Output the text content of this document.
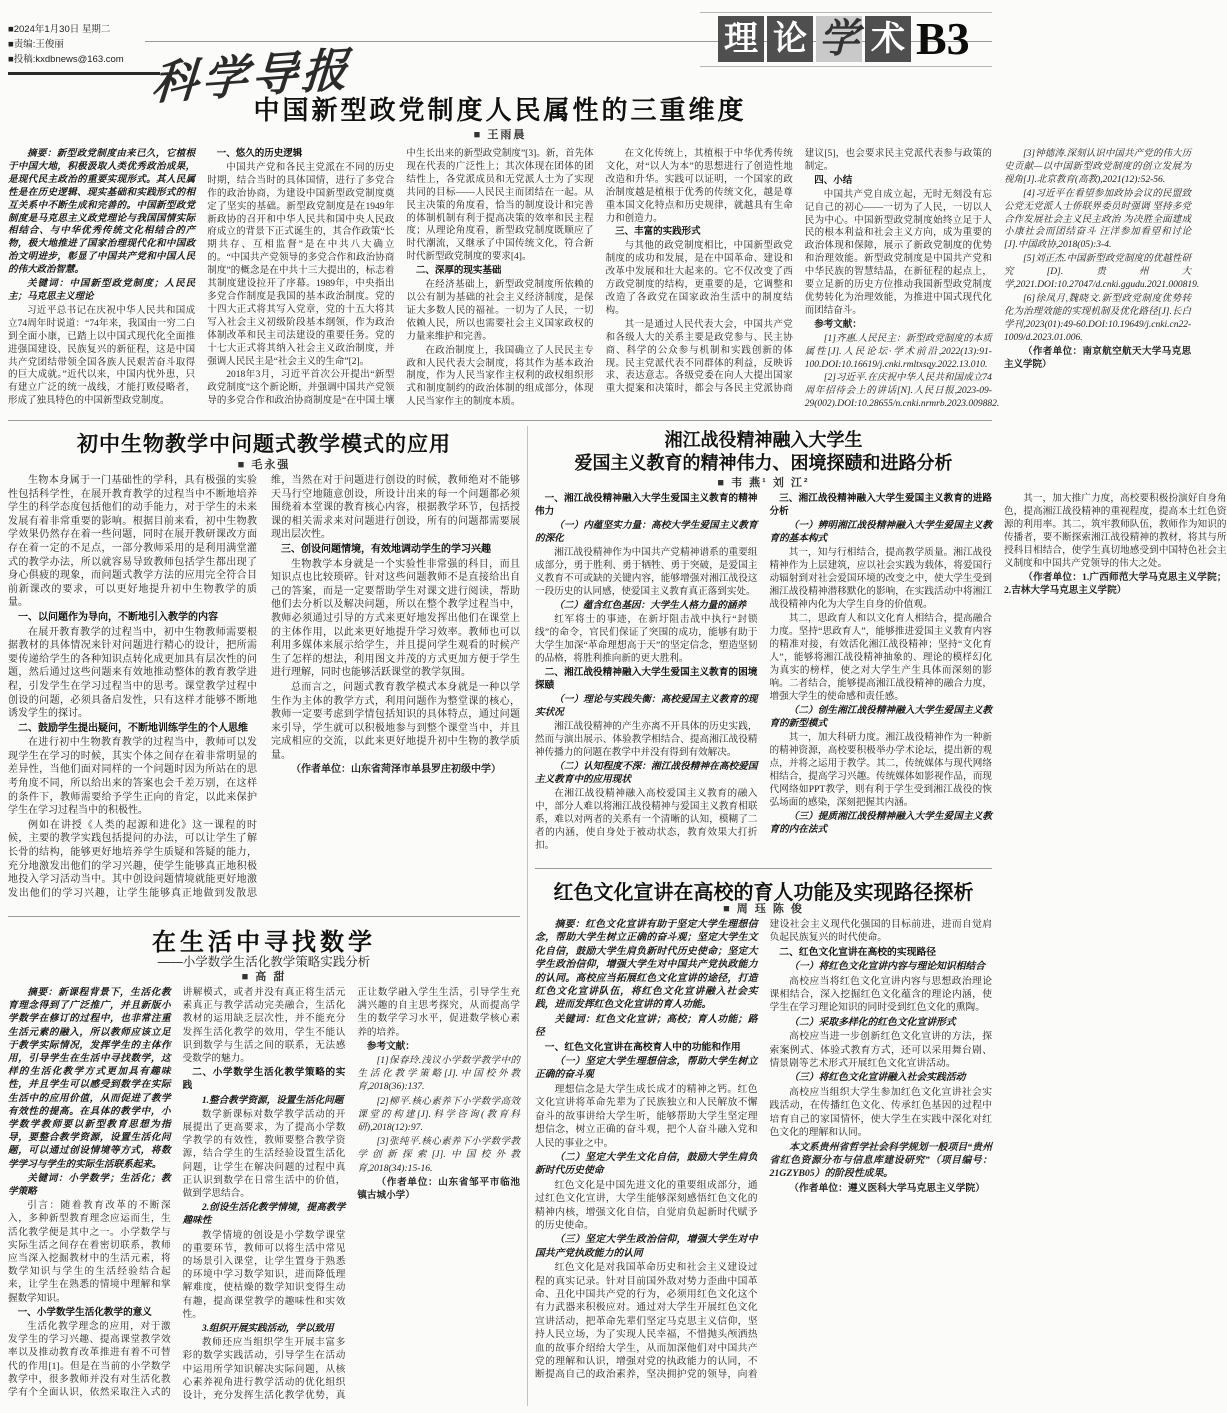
■2024年1月30日 星期二
■责编:王俊丽
■投稿:kxdbnews@163.com 科学导报
理 论 学 术 B3
中国新型政党制度人民属性的三重维度
■ 王雨晨

摘要：新型政党制度由来已久，它植根于中国大地，积极汲取人类优秀政治成果，是现代民主政治的重要实现形式。其人民属性是在历史逻辑、现实基础和实践形式的相互关系中不断生成和完善的。中国新型政党制度是马克思主义政党理论与我国国情实际相结合、与中华优秀传统文化相结合的产物，极大地推进了国家治理现代化和中国政治文明进步，彰显了中国共产党和中国人民的伟大政治智慧。

关键词：中国新型政党制度；人民民主；马克思主义理论

习近平总书记在庆祝中华人民共和国成立74周年时说道：“74年来，我国由一穷二白到全面小康，已踏上以中国式现代化全面推进强国建设、民族复兴的新征程，这是中国共产党团结带领全国各族人民艰苦奋斗取得的巨大成就。”近代以来，中国内忧外患，只有建立广泛的统一战线，才能打败侵略者，形成了独具特色的中国新型政党制度。

一、悠久的历史逻辑

中国共产党和各民主党派在不同的历史时期，结合当时的具体国情，进行了多党合作的政治协商，为建设中国新型政党制度奠定了坚实的基础。新型政党制度是在1949年新政协的召开和中华人民共和国中央人民政府成立的背景下正式诞生的，其合作政策“长期共存、互相监督”是在中共八大确立的。“中国共产党领导的多党合作和政治协商制度”的概念是在中共十三大提出的，标志着其制度建设拉开了序幕。1989年，中央指出多党合作制度是我国的基本政治制度。党的十四大正式将其写入党章，党的十五大将其写入社会主义初级阶段基本纲领，作为政治体制改革和民主司法建设的重要任务。党的十七大正式将其纳入社会主义政治制度，并强调人民民主是“社会主义的生命”[2]。

2018年3月，习近平首次公开提出“新型政党制度”这个新论断，并强调中国共产党领导的多党合作和政治协商制度是“在中国土壤中生长出来的新型政党制度”[3]。新，首先体现在代表的广泛性上；其次体现在团体的团结性上，各党派成员和无党派人士为了实现共同的目标——人民民主而团结在一起。从民主决策的角度看，恰当的制度设计和完善的体制机制有利于提高决策的效率和民主程度；从理论角度看，新型政党制度既顺应了时代潮流，又继承了中国传统文化，符合新时代新型政党制度的要求[4]。

二、深厚的现实基础

在经济基础上，新型政党制度所依赖的以公有制为基础的社会主义经济制度，是保证大多数人民的福祉。一切为了人民，一切依赖人民，所以也需要社会主义国家政权的力量来维护和完善。

在政治制度上，我国确立了人民民主专政和人民代表大会制度，将其作为基本政治制度，作为人民当家作主权利的政权组织形式和制度制约的政治体制的组成部分，体现人民当家作主的制度本质。

在文化传统上，其植根于中华优秀传统文化，对“以人为本”的思想进行了创造性地改造和升华。实践可以证明，一个国家的政治制度越是植根于优秀的传统文化，越是尊重本国文化特点和历史规律，就越具有生命力和创造力。

三、丰富的实践形式

与其他的政党制度相比，中国新型政党制度的成功和发展，是在中国革命、建设和改革中发展和壮大起来的。它不仅改变了西方政党制度的结构，更重要的是，它调整和改造了各政党在国家政治生活中的制度结构。

其一是通过人民代表大会，中国共产党和各级人大的关系主要是政党参与、民主协商、科学的公众参与机制和实践创新的体现。民主党派代表不同群体的利益，反映诉求、表达意志。各级党委在向人大提出国家重大提案和决策时，都会与各民主党派协商建议[5]，也会要求民主党派代表参与政策的制定。

四、小结

中国共产党自成立起，无时无刻没有忘记自己的初心——一切为了人民，一切以人民为中心。中国新型政党制度始终立足于人民的根本利益和社会主义方向，成为重要的政治体现和保障，展示了新政党制度的优势和治理效能。新型政党制度是中国共产党和中华民族的智慧结晶，在新征程的起点上，要立足新的历史方位推动我国新型政党制度优势转化为治理效能，为推进中国式现代化而团结奋斗。

参考文献：

[1]齐惠.人民民主：新型政党制度的本质属性[J].人民论坛·学术前沿,2022(13):91-100.DOI:10.16619/j.cnki.rmltxsqy.2022.13.010.

[2]习近平.在庆祝中华人民共和国成立74周年招待会上的讲话[N].人民日报,2023-09-29(002).DOI:10.28655/n.cnki.nrmrb.2023.009882.

[3]钟德涛.深刻认识中国共产党的伟大历史贡献—以中国新型政党制度的创立发展为视角[J].北京教育(高教),2021(12):52-56.

[4]习近平在看望参加政协会议的民盟致公党无党派人士侨联界委员时强调 坚持多党合作发展社会主义民主政治 为决胜全面建成小康社会而团结奋斗 汪洋参加看望和讨论[J].中国政协,2018(05):3-4.

[5]刘正杰.中国新型政党制度的优越性研究[D].贵州大学,2021.DOI:10.27047/d.cnki.ggudu.2021.000819.

[6]徐凤月,魏晓文.新型政党制度优势转化为治理效能的实现机制及优化路径[J].长白学刊,2023(01):49-60.DOI:10.19649/j.cnki.cn22-1009/d.2023.01.006.

（作者单位：南京航空航天大学马克思主义学院）

初中生物教学中问题式教学模式的应用
■ 毛永强

生物本身属于一门基础性的学科，具有极强的实验性包括科学性，在展开教育教学的过程当中不断地培养学生的科学态度包括他们的动手能力，对于学生的未来发展有着非常重要的影响。根据目前来看，初中生物教学效果仍然存在着一些问题，同时在展开教研课改方面存在着一定的不足点，一部分教师采用的是利用满堂灌式的教学办法，所以就容易导致教师包括学生都出现了身心俱疲的现象，而问题式教学方法的应用完全符合目前新课改的要求，可以更好地提升初中生物教学的质量。

一、以问题作为导向，不断地引入教学的内容

在展开教育教学的过程当中，初中生物教师需要根据教材的具体情况来针对问题进行精心的设计，把所需要传递给学生的各种知识点转化成更加具有层次性的问题，然后通过这些问题来有效地推动整体的教育教学进程，引发学生在学习过程当中的思考。课堂教学过程中创设的问题，必须具备启发性，只有这样才能够不断地诱发学生的探讨。

二、鼓励学生提出疑问，不断地训练学生的个人思维

在进行初中生物教育教学的过程当中，教师可以发现学生在学习的时候，其实个体之间存在着非常明显的差异性，当他们面对同样的一个问题时因为所站在的思考角度不同，所以给出来的答案也会千差万别，在这样的条件下，教师需要给予学生正向的肯定，以此来保护学生在学习过程当中的积极性。

例如在讲授《人类的起源和进化》这一课程的时候，主要的教学实践包括提问的办法，可以让学生了解长骨的结构，能够更好地培养学生质疑和答疑的能力，充分地激发出他们的学习兴趣，使学生能够真正地积极地投入学习活动当中。其中创设问题情境就能更好地激发出他们的学习兴趣，让学生能够真正地做到发散思维，当然在对于问题进行创设的时候，教师绝对不能够天马行空地随意创设，所设计出来的每一个问题都必须围绕着本堂课的教育核心内容，根据教学环节，包括授课的相关需求来对问题进行创设，所有的问题都需要展现出层次性。

三、创设问题情境，有效地调动学生的学习兴趣

生物教学本身就是一个实验性非常强的科目，而且知识点也比较琐碎。针对这些问题教师不是直接给出自己的答案，而是一定要帮助学生对课文进行阅读，帮助他们去分析以及解决问题，所以在整个教学过程当中，教师必须通过引导的方式来更好地发挥出他们在课堂上的主体作用，以此来更好地提升学习效率。教师也可以利用多媒体来展示给学生，并且提问学生观看的时候产生了怎样的想法，利用图文并茂的方式更加方便于学生进行理解，同时也能够活跃课堂的教学氛围。

总而言之，问题式教育教学模式本身就是一种以学生作为主体的教学方式，利用问题作为整堂课的核心，教师一定要考虑到学情包括知识的具体特点，通过问题来引导，学生就可以积极地参与到整个课堂当中，并且完成相应的交流，以此来更好地提升初中生物的教学质量。

（作者单位：山东省菏泽市单县罗庄初级中学）

湘江战役精神融入大学生
爱国主义教育的精神伟力、困境探赜和进路分析
■ 韦 燕¹ 刘 江²

一、湘江战役精神融入大学生爱国主义教育的精神伟力

（一）内蕴坚实力量：高校大学生爱国主义教育的深化

湘江战役精神作为中国共产党精神谱系的重要组成部分，勇于胜利、勇于牺牲、勇于突破，是爱国主义教育不可或缺的关键内容，能够增强对湘江战役这一段历史的认同感，使爱国主义教育真正落到实处。

（二）蕴含红色基因：大学生人格力量的涵养

红军将士的事迹，在新圩阻击战中执行“封锁线”的命令，官民们保证了突围的成功，能够有助于大学生加深“革命理想高于天”的坚定信念，塑造坚韧的品格，将胜利推向新的更大胜利。

二、湘江战役精神融入大学生爱国主义教育的困境探赜

（一）理论与实践失衡：高校爱国主义教育的现实状况

湘江战役精神的产生亦离不开具体的历史实践，然而与演出展示、体验教学相结合、提高湘江战役精神传播力的问题在教学中并没有得到有效解决。

（二）认知程度不深：湘江战役精神在高校爱国主义教育中的应用现状

在湘江战役精神融入高校爱国主义教育的融入中，部分人难以将湘江战役精神与爱国主义教育相联系，难以对两者的关系有一个清晰的认知，模糊了二者的内涵，使自身处于被动状态，教育效果大打折扣。

三、湘江战役精神融入大学生爱国主义教育的进路分析

（一）辨明湘江战役精神融入大学生爱国主义教育的基本构式

其一，知与行相结合，提高教学质量。湘江战役精神作为上层建筑，应以社会实践为载体，将爱国行动辐射到对社会爱国环境的改变之中，使大学生受到湘江战役精神潜移默化的影响，在实践活动中将湘江战役精神内化为大学生自身的价值观。

其二，思政育人和以文化育人相结合，提高融合力度。坚持“思政育人”，能够推进爱国主义教育内容的精准对接，有效活化湘江战役精神；坚持“文化育人”，能够将湘江战役精神抽象的、理论的模样幻化为真实的榜样，使之对大学生产生具体而深刻的影响。二者结合，能够提高湘江战役精神的融合力度，增强大学生的使命感和责任感。

（二）创生湘江战役精神融入大学生爱国主义教育的新型模式

其一，加大科研力度。湘江战役精神作为一种新的精神资源，高校要积极举办学术论坛，提出新的观点，并将之运用于教学。其二，传统媒体与现代网络相结合，提高学习兴趣。传统媒体如影视作品，而现代网络如PPT教学，则有利于学生受到湘江战役的恢弘场面的感染，深刻把握其内涵。

（三）提质湘江战役精神融入大学生爱国主义教育的内在法式

其一，加大推广力度，高校要积极扮演好自身角色，提高湘江战役精神的重视程度，提高本土红色资源的利用率。其二，筑牢教师队伍，教师作为知识的传播者，要不断探索湘江战役精神的教材，将其与所授科目相结合，使学生真切地感受到中国特色社会主义制度和中国共产党领导的伟大之处。

（作者单位：1.广西师范大学马克思主义学院；2.吉林大学马克思主义学院）

在生活中寻找数学
——小学数学生活化教学策略实践分析
■ 高 甜

摘要：新课程背景下，生活化教育理念得到了广泛推广，并且新版小学数学在修订的过程中，也非常注重生活元素的融入，所以教师应该立足于教学实际情况，发挥学生的主体作用，引导学生在生活中寻找数学，这样的生活化教学方式更加具有趣味性，并且学生可以感受到数学在实际生活中的应用价值，从而促进了教学有效性的提高。在具体的教学中，小学数学教师要以新型教育思想为指导，要整合教学资源，设置生活化问题，可以通过创设情境等方式，将数学学习与学生的实际生活联系起来。

关键词：小学数学；生活化；教学策略

引言：随着教育改革的不断深入，多种新型教育理念应运而生，生活化教学便是其中之一。小学数学与实际生活之间存在着密切联系，教师应当深入挖掘教材中的生活元素，将数学知识与学生的生活经验结合起来，让学生在熟悉的情境中理解和掌握数学知识。

一、小学数学生活化教学的意义

生活化教学理念的应用，对于激发学生的学习兴趣、提高课堂教学效率以及推动教育改革推进有着不可替代的作用[1]。但是在当前的小学数学教学中，很多教师并没有对生活化教学有个全面认识，依然采取注入式的讲解模式，或者并没有真正将生活元素真正与教学活动完美融合，生活化教材的运用缺乏层次性，并不能充分发挥生活化教学的效用，学生不能认识到数学与生活之间的联系，无法感受数学的魅力。

二、小学数学生活化教学策略的实践

1.整合教学资源，设置生活化问题

数学新课标对数学教学活动的开展提出了更高要求，为了提高小学数学教学的有效性，教师要整合教学资源，结合学生的生活经验设置生活化问题，让学生在解决问题的过程中真正认识到数学在日常生活中的价值，做到学思结合。

2.创设生活化教学情境，提高教学趣味性

教学情境的创设是小学数学课堂的重要环节，教师可以将生活中常见的场景引入课堂，让学生置身于熟悉的环境中学习数学知识，进而降低理解难度，使枯燥的数学知识变得生动有趣，提高课堂教学的趣味性和实效性。

3.组织开展实践活动，学以致用

教师还应当组织学生开展丰富多彩的数学实践活动，引导学生在活动中运用所学知识解决实际问题，从核心素养视角进行教学活动的优化组织设计，充分发挥生活化教学优势，真正让数学融入学生生活，引导学生充满兴趣的自主思考探究，从而提高学生的数学学习水平，促进数学核心素养的培养。

参考文献：

[1]保春玲.浅议小学数学教学中的生活化教学策略[J].中国校外教育,2018(36):137.

[2]柳平.核心素养下小学数学高效课堂的构建[J].科学咨询(教育科研),2018(12):97.

[3]张纯平.核心素养下小学数学教学创新探索[J].中国校外教育,2018(34):15-16.

（作者单位：山东省邹平市临池镇古城小学）

红色文化宣讲在高校的育人功能及实现路径探析
■ 周 珏 陈 俊

摘要：红色文化宣讲有助于坚定大学生理想信念，帮助大学生树立正确的奋斗观；坚定大学生文化自信，鼓励大学生肩负新时代历史使命；坚定大学生政治信仰，增强大学生对中国共产党执政能力的认同。高校应当拓展红色文化宣讲的途径，打造红色文化宣讲队伍，将红色文化宣讲融入社会实践，进而发挥红色文化宣讲的育人功能。

关键词：红色文化宣讲；高校；育人功能；路径

一、红色文化宣讲在高校育人中的功能和作用

（一）坚定大学生理想信念，帮助大学生树立正确的奋斗观

理想信念是大学生成长成才的精神之钙。红色文化宣讲将革命先辈为了民族独立和人民解放不懈奋斗的故事讲给大学生听，能够帮助大学生坚定理想信念，树立正确的奋斗观，把个人奋斗融入党和人民的事业之中。

（二）坚定大学生文化自信，鼓励大学生肩负新时代历史使命

红色文化是中国先进文化的重要组成部分，通过红色文化宣讲，大学生能够深刻感悟红色文化的精神内核，增强文化自信，自觉肩负起新时代赋予的历史使命。

（三）坚定大学生政治信仰，增强大学生对中国共产党执政能力的认同

红色文化是对我国革命历史和社会主义建设过程的真实记录。针对目前国外敌对势力歪曲中国革命、丑化中国共产党的行为，必须用红色文化这个有力武器来积极应对。通过对大学生开展红色文化宣讲活动，把革命先辈们坚定马克思主义信仰，坚持人民立场，为了实现人民幸福，不惜抛头颅洒热血的故事介绍给大学生，从而加深他们对中国共产党的理解和认识，增强对党的执政能力的认同，不断提高自己的政治素养，坚决拥护党的领导，向着建设社会主义现代化强国的目标前进，进而自觉肩负起民族复兴的时代使命。

二、红色文化宣讲在高校的实现路径

（一）将红色文化宣讲内容与理论知识相结合

高校应当将红色文化宣讲内容与思想政治理论课相结合，深入挖掘红色文化蕴含的理论内涵，使学生在学习理论知识的同时受到红色文化的熏陶。

（二）采取多样化的红色文化宣讲形式

高校应当进一步创新红色文化宣讲的方法，探索案例式、体验式教育方式，还可以采用舞台剧、情景剧等艺术形式开展红色文化宣讲活动。

（三）将红色文化宣讲融入社会实践活动

高校应当组织大学生参加红色文化宣讲社会实践活动，在传播红色文化、传承红色基因的过程中培育自己的家国情怀，使大学生在实践中深化对红色文化的理解和认同。

本文系贵州省哲学社会科学规划一般项目“贵州省红色资源分布与信息库建设研究”（项目编号：21GZYB05）的阶段性成果。

（作者单位：遵义医科大学马克思主义学院）
